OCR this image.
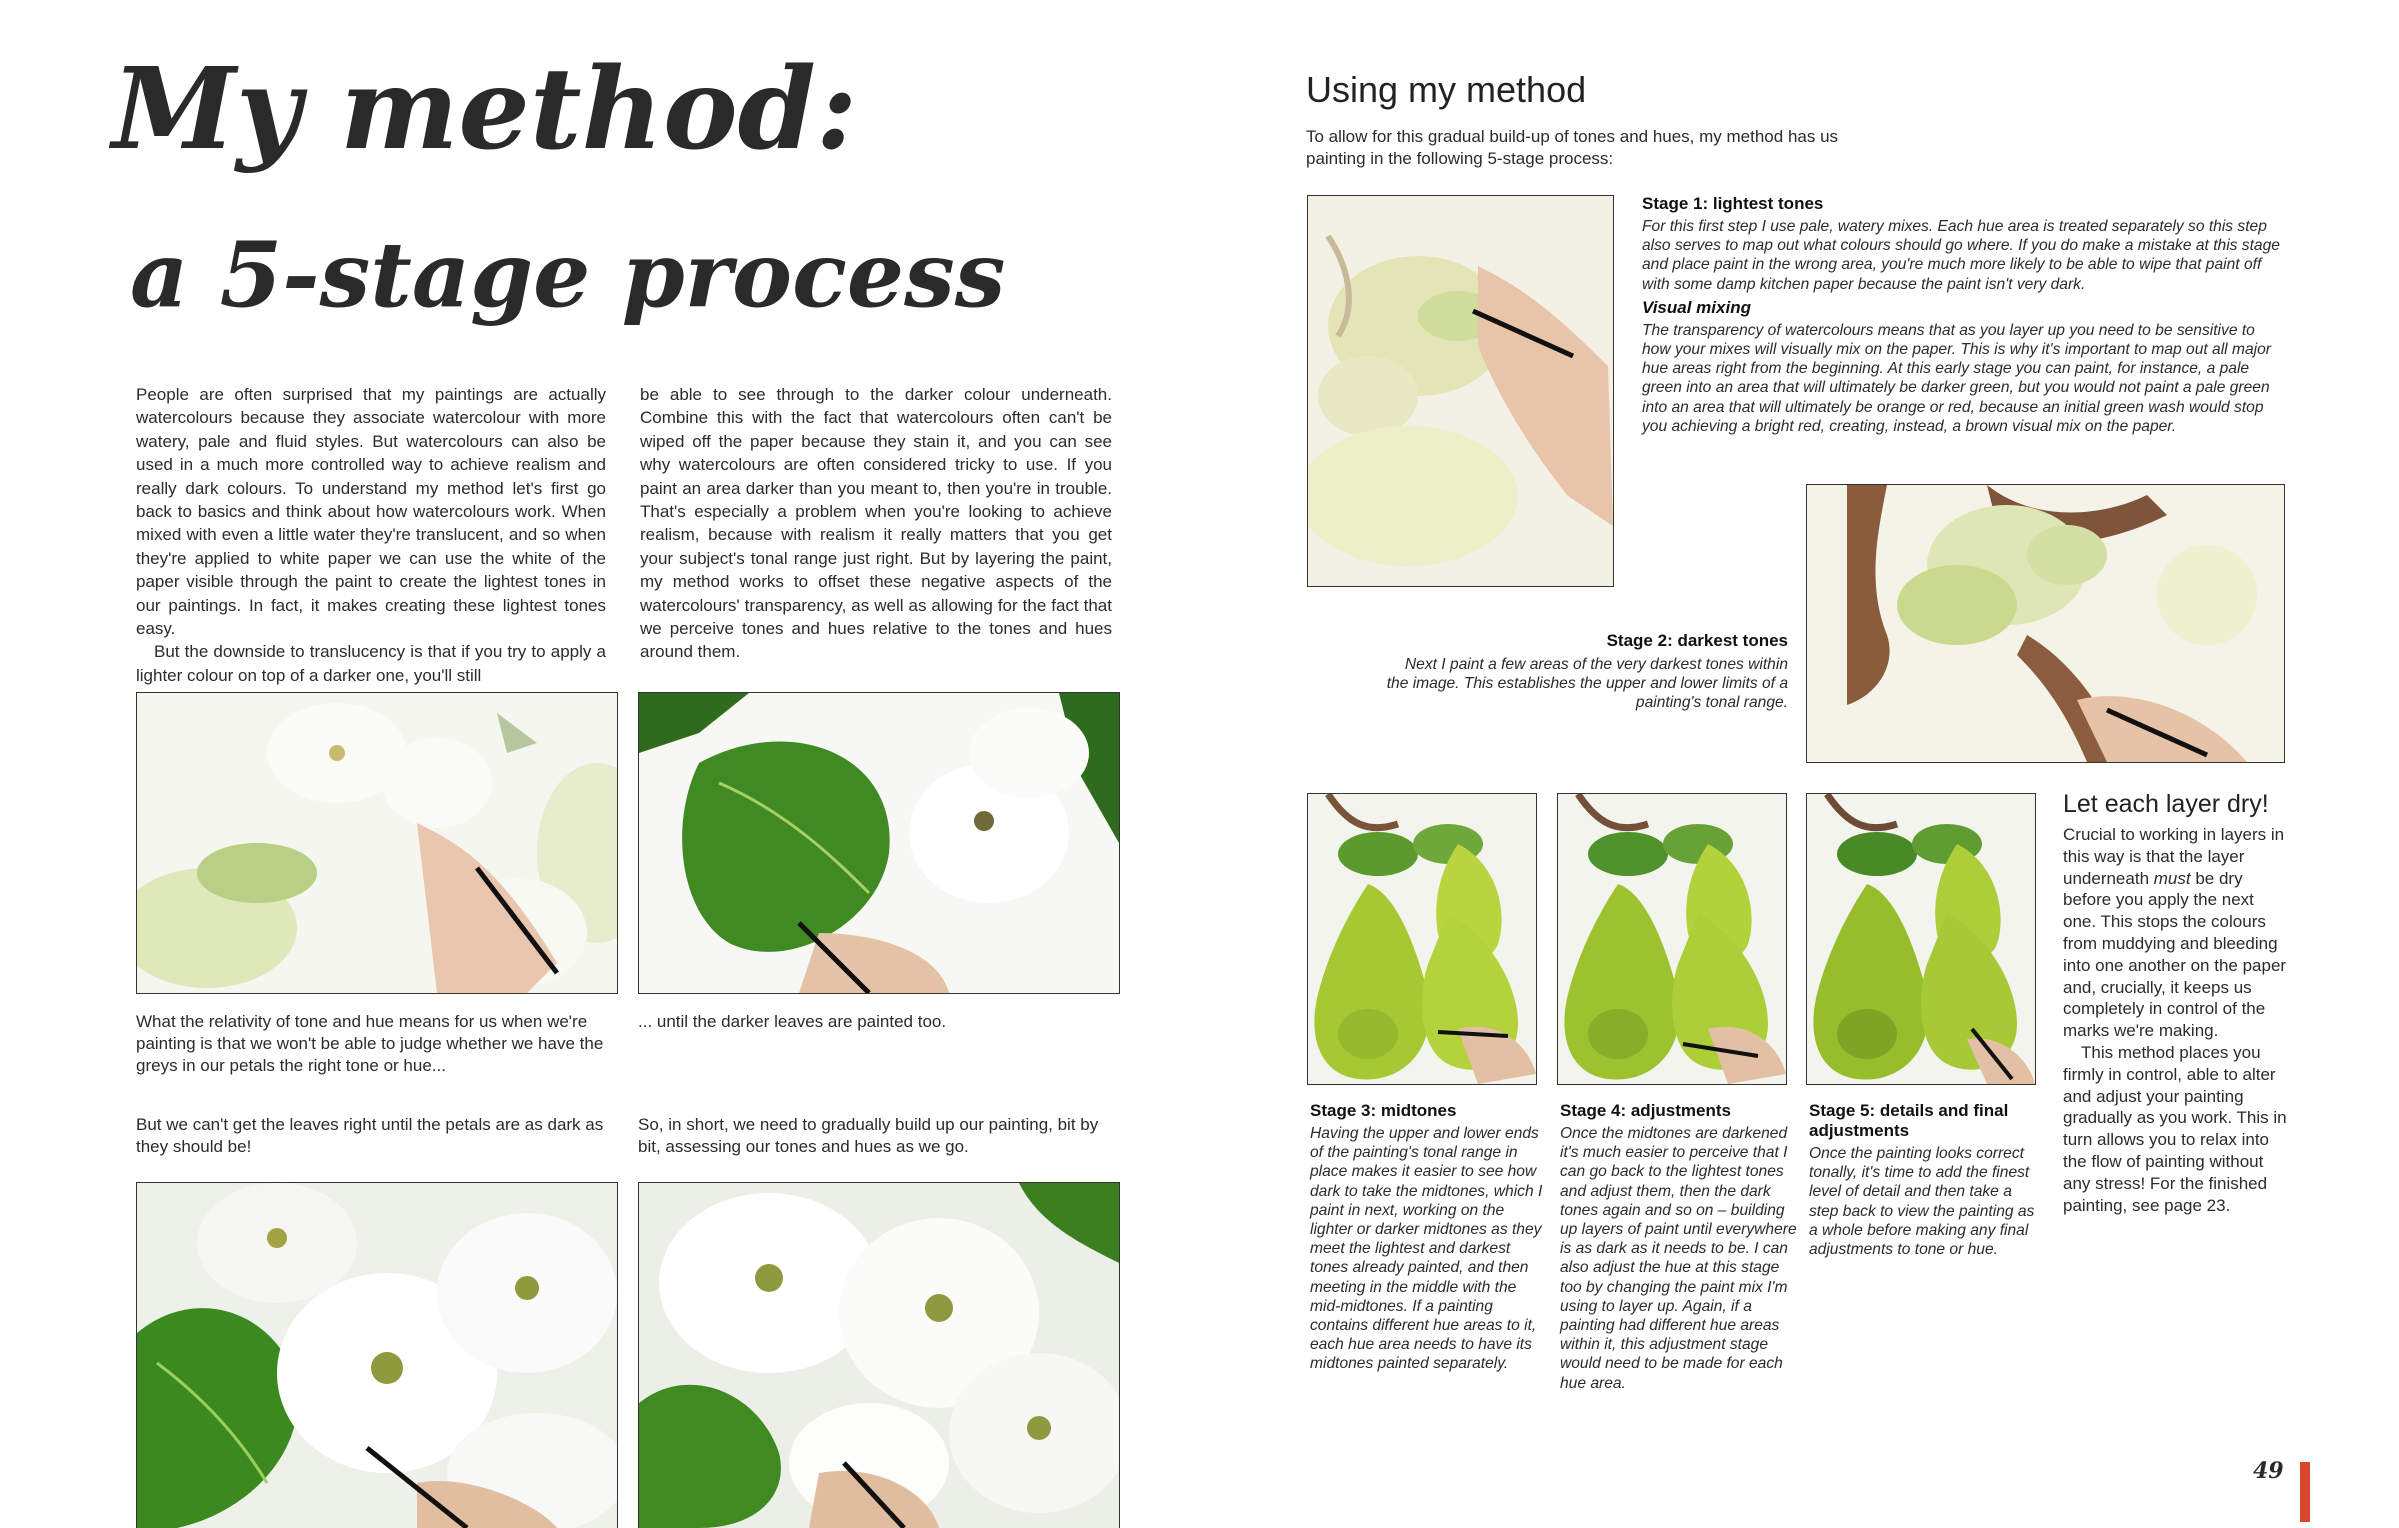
My method:
a 5-stage process

People are often surprised that my paintings are actually watercolours because they associate watercolour with more watery, pale and fluid styles. But watercolours can also be used in a much more controlled way to achieve realism and really dark colours. To understand my method let's first go back to basics and think about how watercolours work. When mixed with even a little water they're translucent, and so when they're applied to white paper we can use the white of the paper visible through the paint to create the lightest tones in our paintings. In fact, it makes creating these lightest tones easy.

But the downside to translucency is that if you try to apply a lighter colour on top of a darker one, you'll still

be able to see through to the darker colour underneath. Combine this with the fact that watercolours often can't be wiped off the paper because they stain it, and you can see why watercolours are often considered tricky to use. If you paint an area darker than you meant to, then you're in trouble. That's especially a problem when you're looking to achieve realism, because with realism it really matters that you get your subject's tonal range just right. But by layering the paint, my method works to offset these negative aspects of the watercolours' transparency, as well as allowing for the fact that we perceive tones and hues relative to the tones and hues around them.

What the relativity of tone and hue means for us when we're painting is that we won't be able to judge whether we have the greys in our petals the right tone or hue...
... until the darker leaves are painted too.
But we can't get the leaves right until the petals are as dark as they should be!
So, in short, we need to gradually build up our painting, bit by bit, assessing our tones and hues as we go.
Using my method
To allow for this gradual build-up of tones and hues, my method has us painting in the following 5-stage process:
Stage 1: lightest tones
For this first step I use pale, watery mixes. Each hue area is treated separately so this step also serves to map out what colours should go where. If you do make a mistake at this stage and place paint in the wrong area, you're much more likely to be able to wipe that paint off with some damp kitchen paper because the paint isn't very dark.
Visual mixing
The transparency of watercolours means that as you layer up you need to be sensitive to how your mixes will visually mix on the paper. This is why it's important to map out all major hue areas right from the beginning. At this early stage you can paint, for instance, a pale green into an area that will ultimately be darker green, but you would not paint a pale green into an area that will ultimately be orange or red, because an initial green wash would stop you achieving a bright red, creating, instead, a brown visual mix on the paper.
Stage 2: darkest tones
Next I paint a few areas of the very darkest tones within the image. This establishes the upper and lower limits of a painting's tonal range.
Stage 3: midtones
Having the upper and lower ends of the painting's tonal range in place makes it easier to see how dark to take the midtones, which I paint in next, working on the lighter or darker midtones as they meet the lightest and darkest tones already painted, and then meeting in the middle with the mid-midtones. If a painting contains different hue areas to it, each hue area needs to have its midtones painted separately.
Stage 4: adjustments
Once the midtones are darkened it's much easier to perceive that I can go back to the lightest tones and adjust them, then the dark tones again and so on – building up layers of paint until everywhere is as dark as it needs to be. I can also adjust the hue at this stage too by changing the paint mix I'm using to layer up. Again, if a painting had different hue areas within it, this adjustment stage would need to be made for each hue area.
Stage 5: details and final adjustments
Once the painting looks correct tonally, it's time to add the finest level of detail and then take a step back to view the painting as a whole before making any final adjustments to tone or hue.
Let each layer dry!

Crucial to working in layers in this way is that the layer underneath must be dry before you apply the next one. This stops the colours from muddying and bleeding into one another on the paper and, crucially, it keeps us completely in control of the marks we're making.

This method places you firmly in control, able to alter and adjust your painting gradually as you work. This in turn allows you to relax into the flow of painting without any stress! For the finished painting, see page 23.

49
